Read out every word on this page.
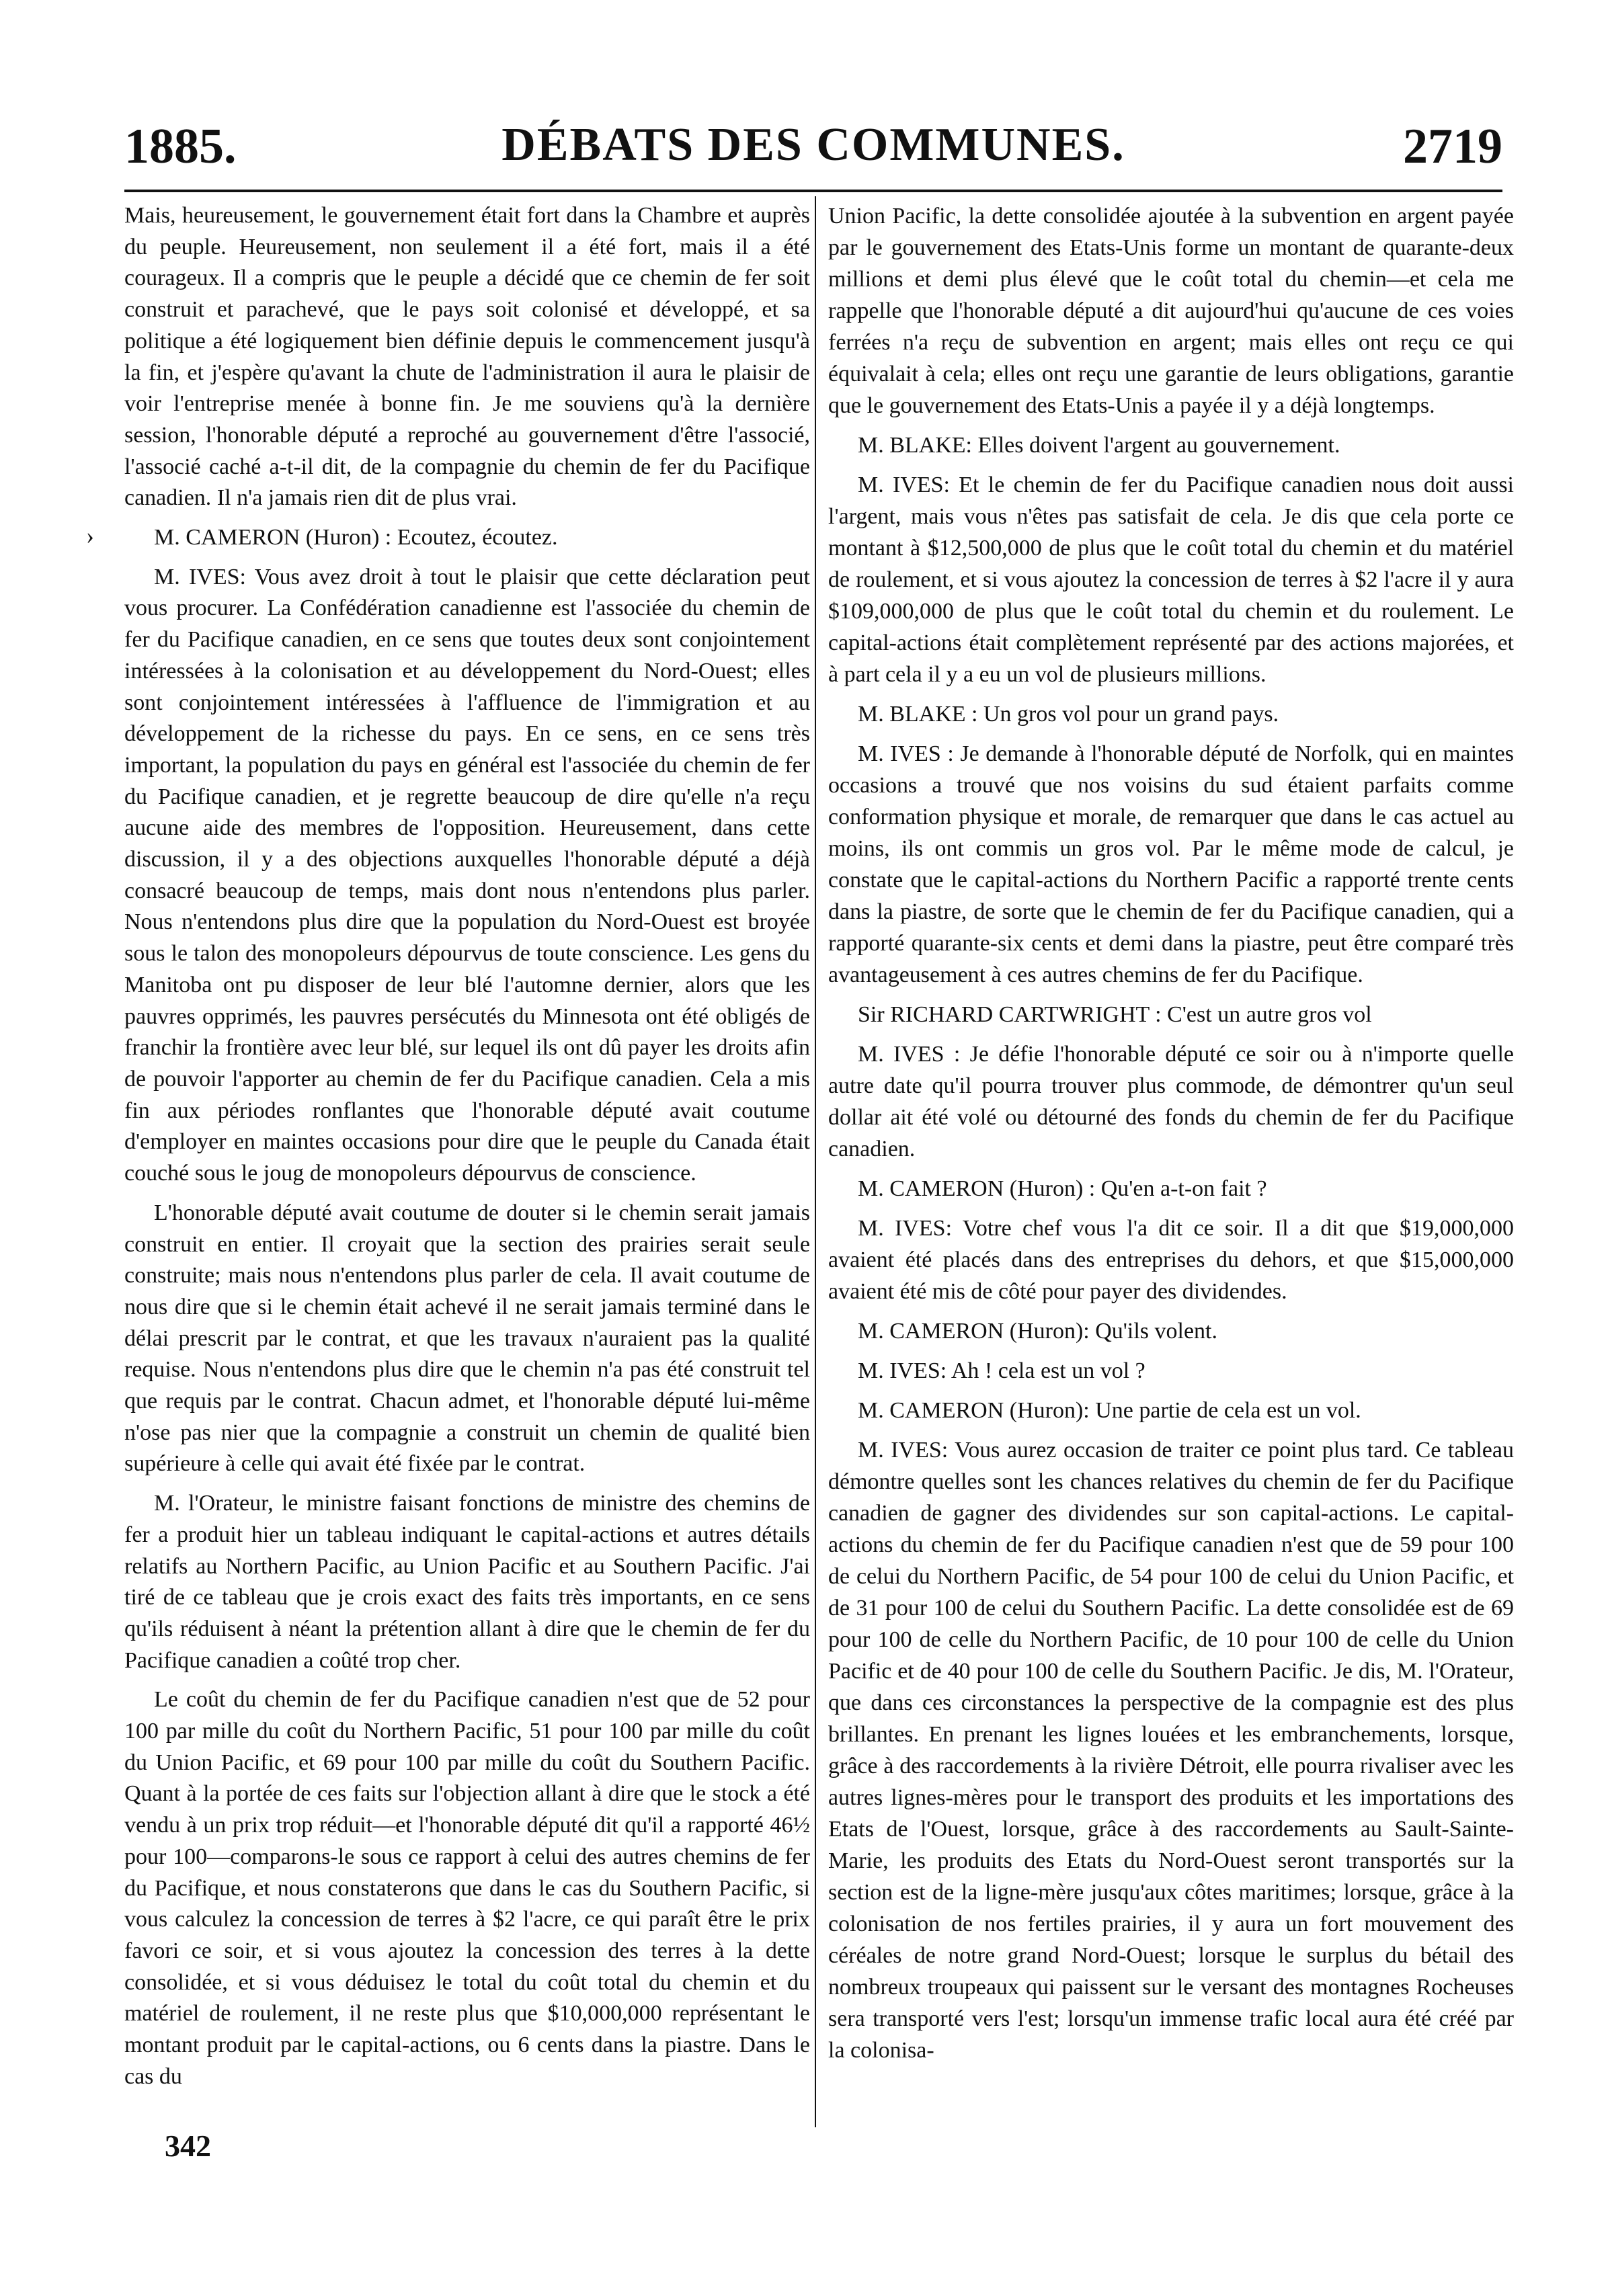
1885.	DÉBATS DES COMMUNES.	2719
›

Mais, heureusement, le gouvernement était fort dans la Chambre et auprès du peuple. Heureusement, non seulement il a été fort, mais il a été courageux. Il a compris que le peuple a décidé que ce chemin de fer soit construit et parachevé, que le pays soit colonisé et développé, et sa politique a été logiquement bien définie depuis le commencement jusqu'à la fin, et j'espère qu'avant la chute de l'administration il aura le plaisir de voir l'entreprise menée à bonne fin. Je me souviens qu'à la dernière session, l'honorable député a reproché au gouvernement d'être l'associé, l'associé caché a-t-il dit, de la compagnie du chemin de fer du Pacifique canadien. Il n'a jamais rien dit de plus vrai.

M. CAMERON (Huron) : Ecoutez, écoutez.

M. IVES: Vous avez droit à tout le plaisir que cette déclaration peut vous procurer. La Confédération canadienne est l'associée du chemin de fer du Pacifique canadien, en ce sens que toutes deux sont conjointement intéressées à la colonisation et au développement du Nord-Ouest; elles sont conjointement intéressées à l'affluence de l'immigration et au développement de la richesse du pays. En ce sens, en ce sens très important, la population du pays en général est l'associée du chemin de fer du Pacifique canadien, et je regrette beaucoup de dire qu'elle n'a reçu aucune aide des membres de l'opposition. Heureusement, dans cette discussion, il y a des objections auxquelles l'honorable député a déjà consacré beaucoup de temps, mais dont nous n'entendons plus parler. Nous n'entendons plus dire que la population du Nord-Ouest est broyée sous le talon des monopoleurs dépourvus de toute conscience. Les gens du Manitoba ont pu disposer de leur blé l'automne dernier, alors que les pauvres opprimés, les pauvres persécutés du Minnesota ont été obligés de franchir la frontière avec leur blé, sur lequel ils ont dû payer les droits afin de pouvoir l'apporter au chemin de fer du Pacifique canadien. Cela a mis fin aux périodes ronflantes que l'honorable député avait coutume d'employer en maintes occasions pour dire que le peuple du Canada était couché sous le joug de monopoleurs dépourvus de conscience.

L'honorable député avait coutume de douter si le chemin serait jamais construit en entier. Il croyait que la section des prairies serait seule construite; mais nous n'entendons plus parler de cela. Il avait coutume de nous dire que si le chemin était achevé il ne serait jamais terminé dans le délai prescrit par le contrat, et que les travaux n'auraient pas la qualité requise. Nous n'entendons plus dire que le chemin n'a pas été construit tel que requis par le contrat. Chacun admet, et l'honorable député lui-même n'ose pas nier que la compagnie a construit un chemin de qualité bien supérieure à celle qui avait été fixée par le contrat.

M. l'Orateur, le ministre faisant fonctions de ministre des chemins de fer a produit hier un tableau indiquant le capital-actions et autres détails relatifs au Northern Pacific, au Union Pacific et au Southern Pacific. J'ai tiré de ce tableau que je crois exact des faits très importants, en ce sens qu'ils réduisent à néant la prétention allant à dire que le chemin de fer du Pacifique canadien a coûté trop cher.

Le coût du chemin de fer du Pacifique canadien n'est que de 52 pour 100 par mille du coût du Northern Pacific, 51 pour 100 par mille du coût du Union Pacific, et 69 pour 100 par mille du coût du Southern Pacific. Quant à la portée de ces faits sur l'objection allant à dire que le stock a été vendu à un prix trop réduit—et l'honorable député dit qu'il a rapporté 46½ pour 100—comparons-le sous ce rapport à celui des autres chemins de fer du Pacifique, et nous constaterons que dans le cas du Southern Pacific, si vous calculez la concession de terres à $2 l'acre, ce qui paraît être le prix favori ce soir, et si vous ajoutez la concession des terres à la dette consolidée, et si vous déduisez le total du coût total du chemin et du matériel de roulement, il ne reste plus que $10,000,000 représentant le montant produit par le capital-actions, ou 6 cents dans la piastre. Dans le cas du

Union Pacific, la dette consolidée ajoutée à la subvention en argent payée par le gouvernement des Etats-Unis forme un montant de quarante-deux millions et demi plus élevé que le coût total du chemin—et cela me rappelle que l'honorable député a dit aujourd'hui qu'aucune de ces voies ferrées n'a reçu de subvention en argent; mais elles ont reçu ce qui équivalait à cela; elles ont reçu une garantie de leurs obligations, garantie que le gouvernement des Etats-Unis a payée il y a déjà longtemps.

M. BLAKE: Elles doivent l'argent au gouvernement.

M. IVES: Et le chemin de fer du Pacifique canadien nous doit aussi l'argent, mais vous n'êtes pas satisfait de cela. Je dis que cela porte ce montant à $12,500,000 de plus que le coût total du chemin et du matériel de roulement, et si vous ajoutez la concession de terres à $2 l'acre il y aura $109,000,000 de plus que le coût total du chemin et du roulement. Le capital-actions était complètement représenté par des actions majorées, et à part cela il y a eu un vol de plusieurs millions.

M. BLAKE : Un gros vol pour un grand pays.

M. IVES : Je demande à l'honorable député de Norfolk, qui en maintes occasions a trouvé que nos voisins du sud étaient parfaits comme conformation physique et morale, de remarquer que dans le cas actuel au moins, ils ont commis un gros vol. Par le même mode de calcul, je constate que le capital-actions du Northern Pacific a rapporté trente cents dans la piastre, de sorte que le chemin de fer du Pacifique canadien, qui a rapporté quarante-six cents et demi dans la piastre, peut être comparé très avantageusement à ces autres chemins de fer du Pacifique.

Sir RICHARD CARTWRIGHT : C'est un autre gros vol

M. IVES : Je défie l'honorable député ce soir ou à n'importe quelle autre date qu'il pourra trouver plus commode, de démontrer qu'un seul dollar ait été volé ou détourné des fonds du chemin de fer du Pacifique canadien.

M. CAMERON (Huron) : Qu'en a-t-on fait ?

M. IVES: Votre chef vous l'a dit ce soir. Il a dit que $19,000,000 avaient été placés dans des entreprises du dehors, et que $15,000,000 avaient été mis de côté pour payer des dividendes.

M. CAMERON (Huron): Qu'ils volent.

M. IVES: Ah ! cela est un vol ?

M. CAMERON (Huron): Une partie de cela est un vol.

M. IVES: Vous aurez occasion de traiter ce point plus tard. Ce tableau démontre quelles sont les chances relatives du chemin de fer du Pacifique canadien de gagner des dividendes sur son capital-actions. Le capital-actions du chemin de fer du Pacifique canadien n'est que de 59 pour 100 de celui du Northern Pacific, de 54 pour 100 de celui du Union Pacific, et de 31 pour 100 de celui du Southern Pacific. La dette consolidée est de 69 pour 100 de celle du Northern Pacific, de 10 pour 100 de celle du Union Pacific et de 40 pour 100 de celle du Southern Pacific. Je dis, M. l'Orateur, que dans ces circonstances la perspective de la compagnie est des plus brillantes. En prenant les lignes louées et les embranchements, lorsque, grâce à des raccordements à la rivière Détroit, elle pourra rivaliser avec les autres lignes-mères pour le transport des produits et les importations des Etats de l'Ouest, lorsque, grâce à des raccordements au Sault-Sainte-Marie, les produits des Etats du Nord-Ouest seront transportés sur la section est de la ligne-mère jusqu'aux côtes maritimes; lorsque, grâce à la colonisation de nos fertiles prairies, il y aura un fort mouvement des céréales de notre grand Nord-Ouest; lorsque le surplus du bétail des nombreux troupeaux qui paissent sur le versant des montagnes Rocheuses sera transporté vers l'est; lorsqu'un immense trafic local aura été créé par la colonisa-

342
